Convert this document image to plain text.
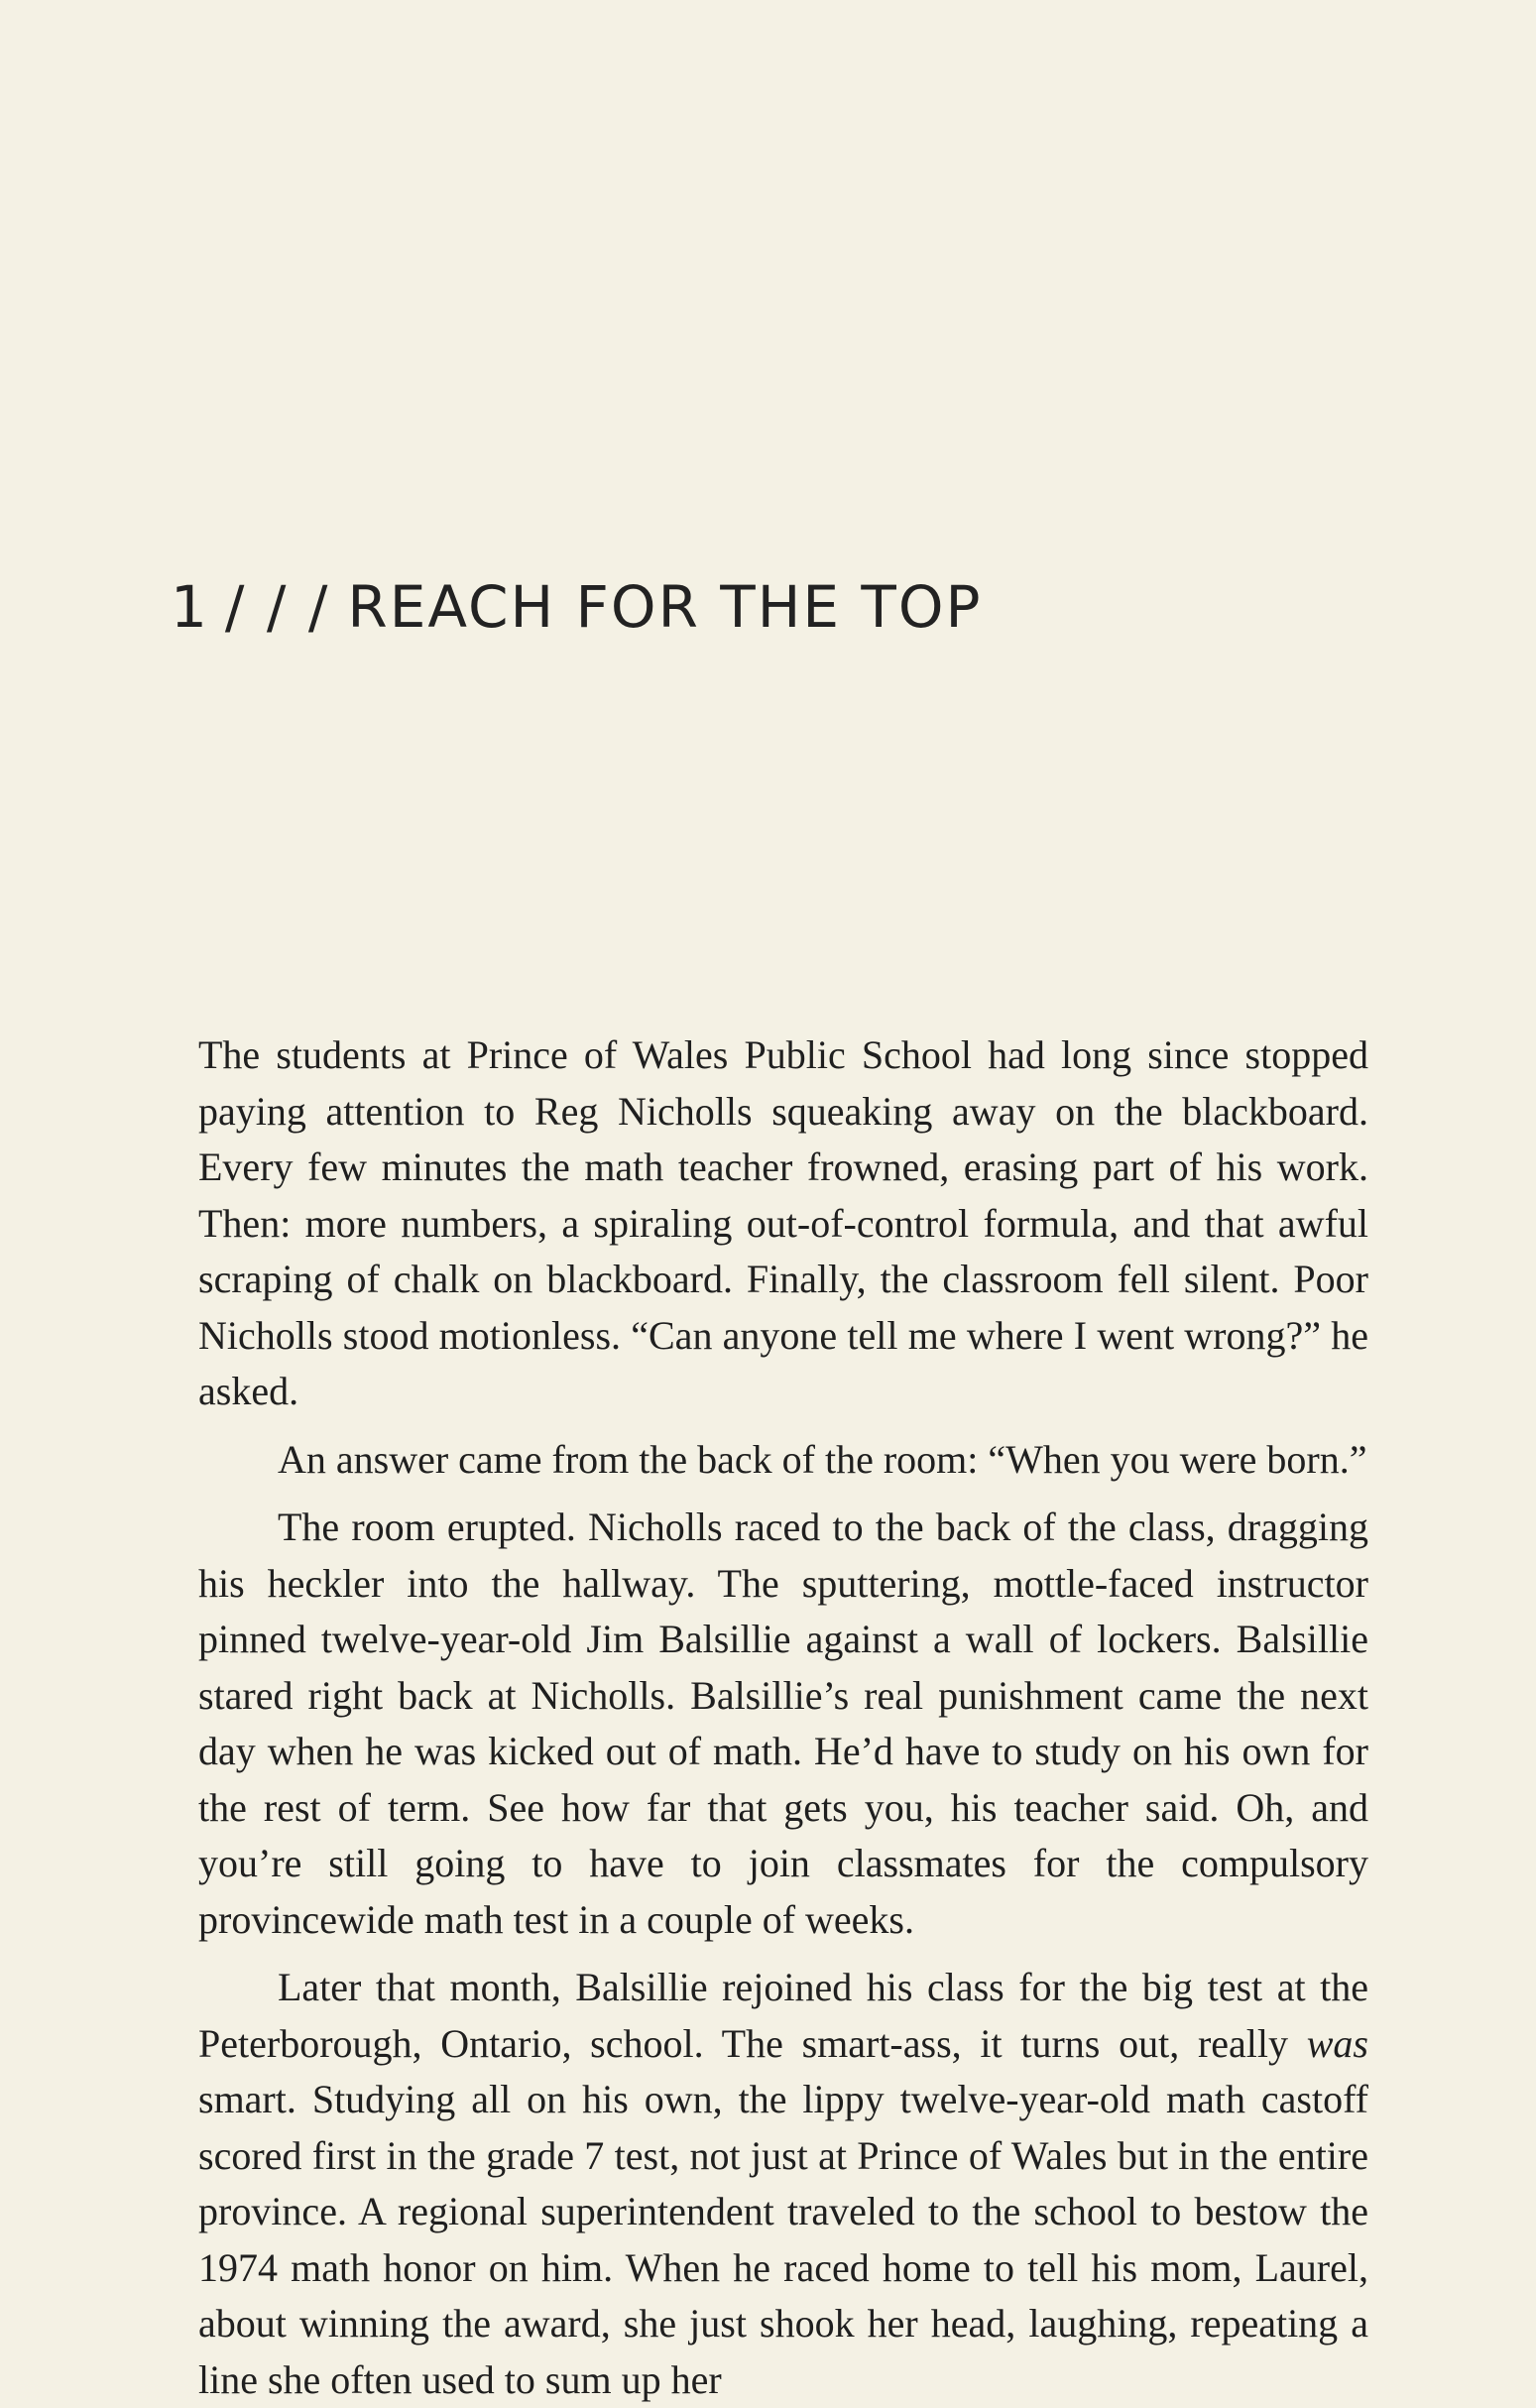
1 / / / REACH FOR THE TOP

The students at Prince of Wales Public School had long since stopped paying attention to Reg Nicholls squeaking away on the blackboard. Every few minutes the math teacher frowned, erasing part of his work. Then: more numbers, a spiraling out-of-control formula, and that awful scraping of chalk on blackboard. Finally, the classroom fell silent. Poor Nicholls stood motionless. “Can anyone tell me where I went wrong?” he asked.

An answer came from the back of the room: “When you were born.”

The room erupted. Nicholls raced to the back of the class, dragging his heckler into the hallway. The sputtering, mottle-faced instructor pinned twelve-year-old Jim Balsillie against a wall of lockers. Balsillie stared right back at Nicholls. Balsillie’s real punishment came the next day when he was kicked out of math. He’d have to study on his own for the rest of term. See how far that gets you, his teacher said. Oh, and you’re still going to have to join classmates for the compulsory provincewide math test in a couple of weeks.

Later that month, Balsillie rejoined his class for the big test at the Peterborough, Ontario, school. The smart-ass, it turns out, really was smart. Studying all on his own, the lippy twelve-year-old math castoff scored first in the grade 7 test, not just at Prince of Wales but in the entire province. A regional superintendent traveled to the school to bestow the 1974 math honor on him. When he raced home to tell his mom, Laurel, about winning the award, she just shook her head, laughing, repeating a line she often used to sum up her
